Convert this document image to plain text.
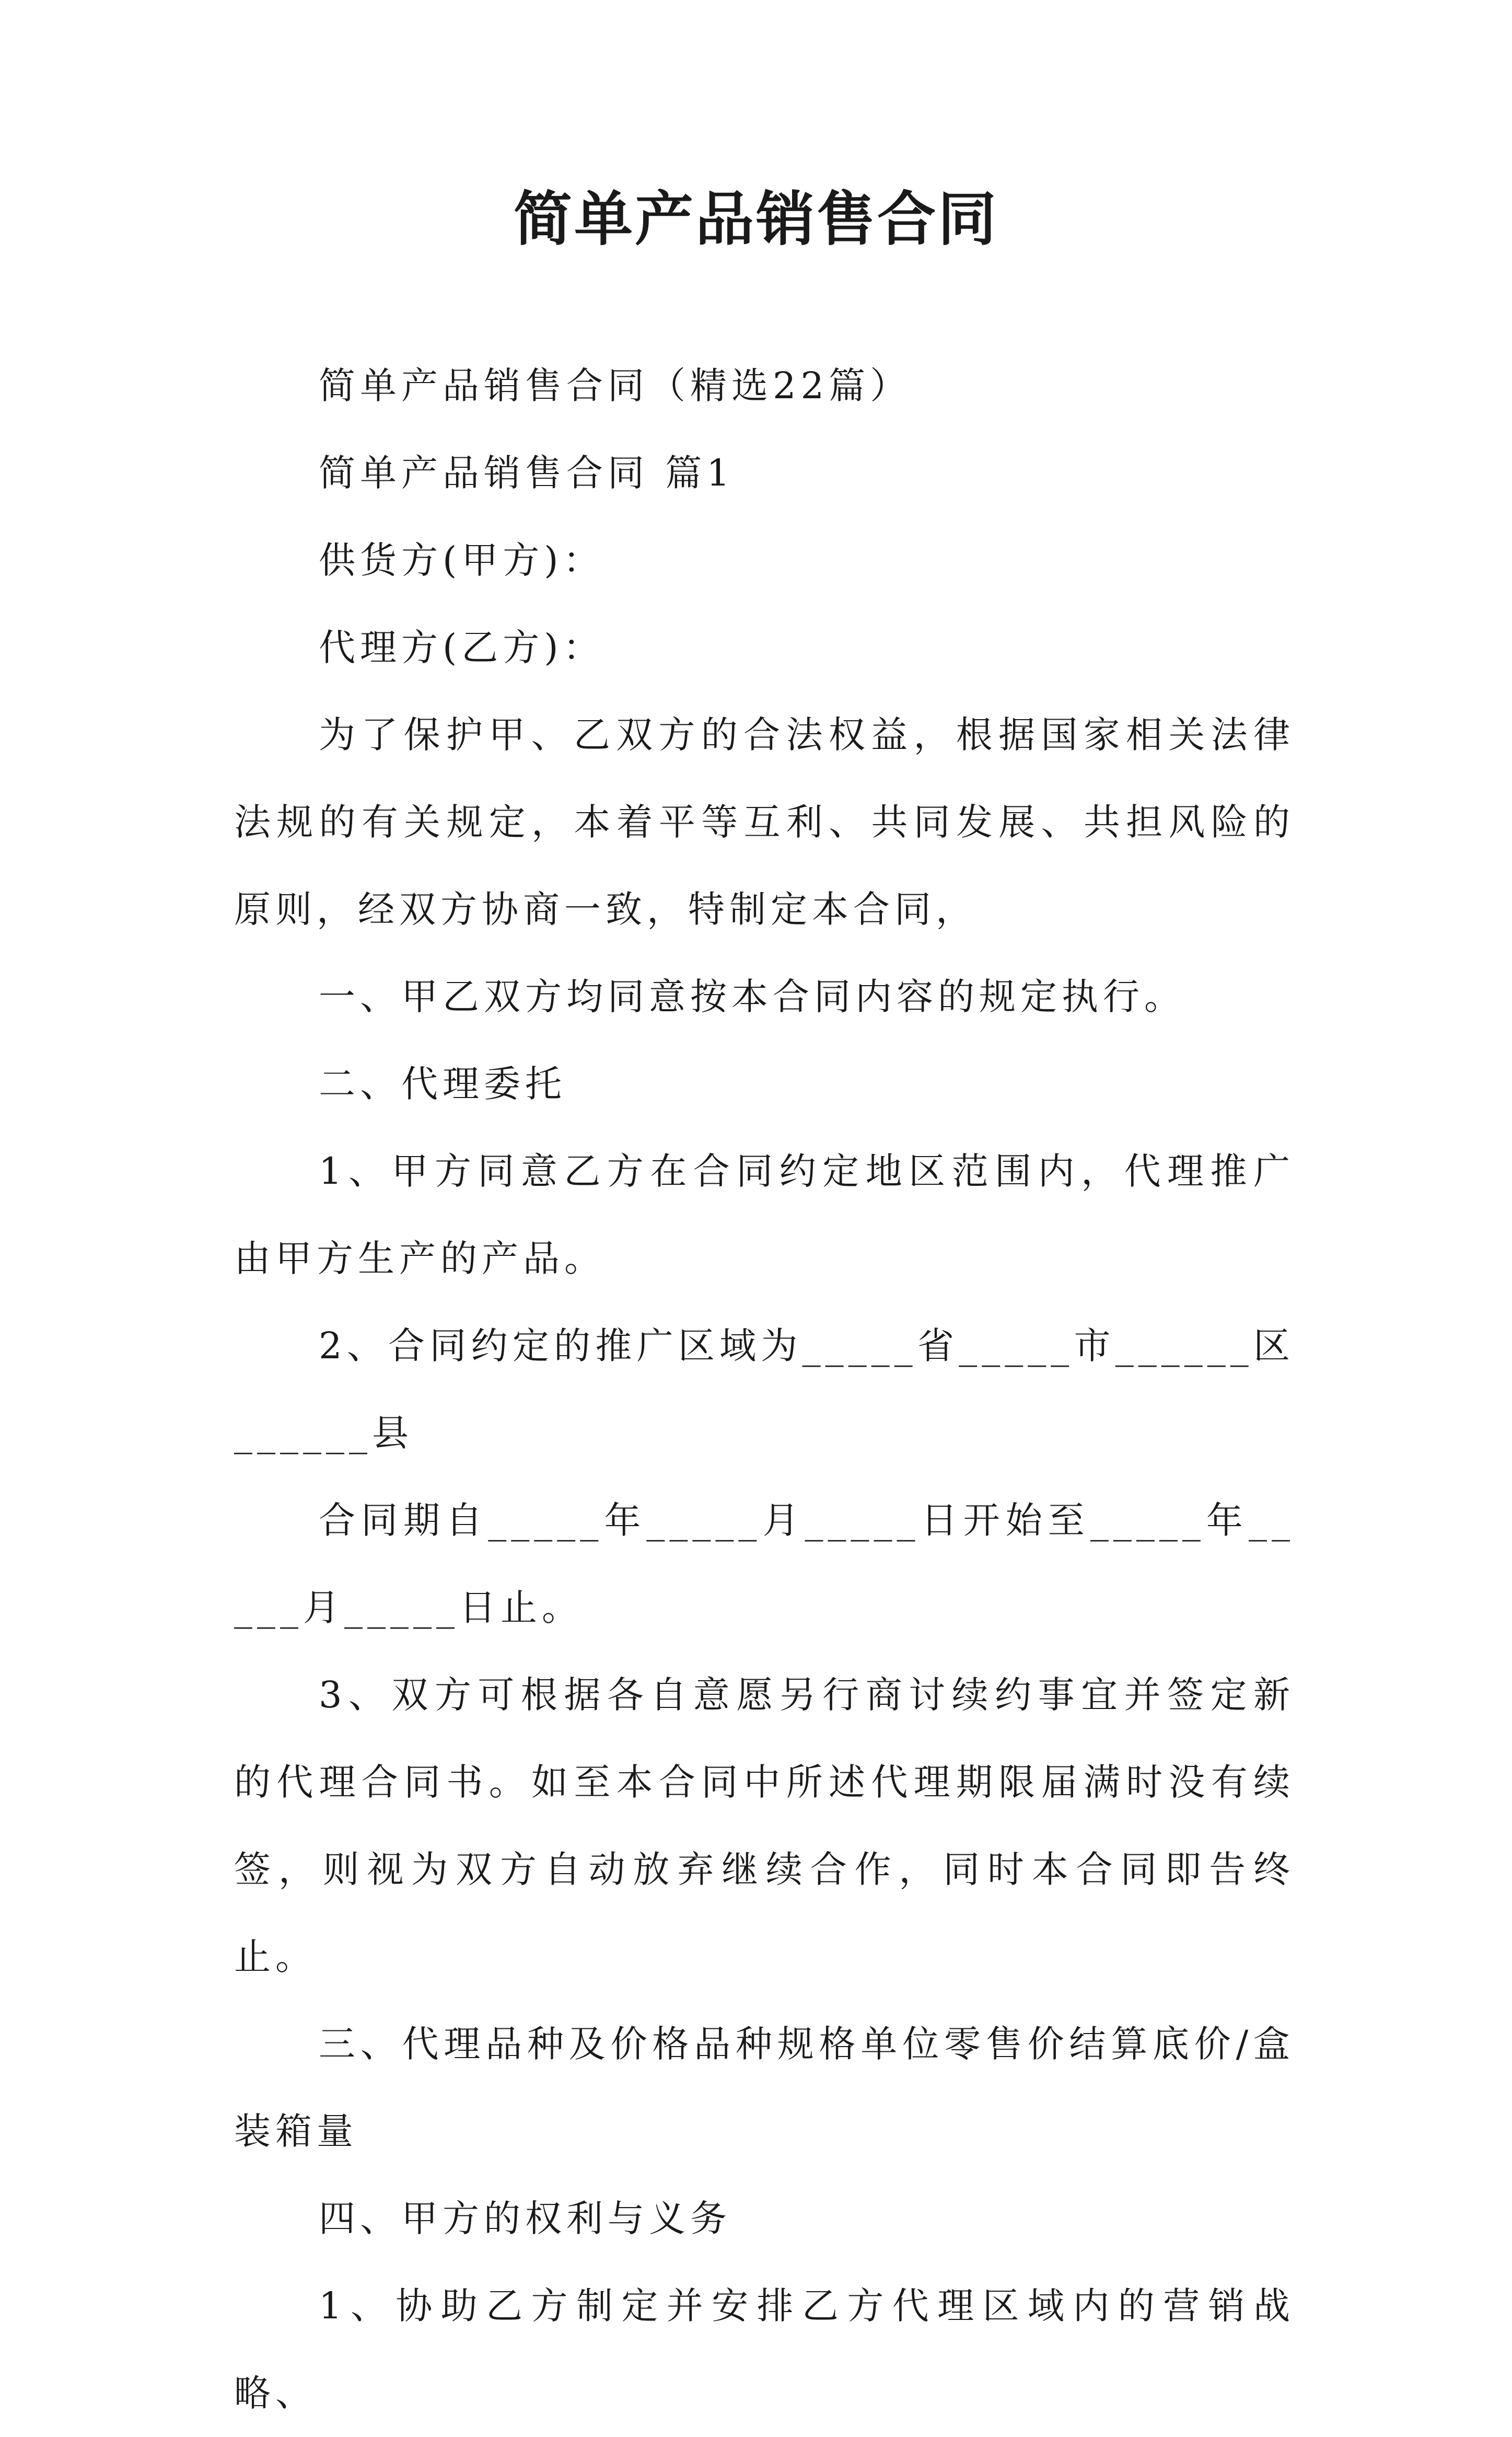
简单产品销售合同

简单产品销售合同（精选22篇）

简单产品销售合同 篇1

供货方(甲方)：

代理方(乙方)：

为了保护甲、乙双方的合法权益，根据国家相关法律法规的有关规定，本着平等互利、共同发展、共担风险的原则，经双方协商一致，特制定本合同，

一、甲乙双方均同意按本合同内容的规定执行。

二、代理委托

1、甲方同意乙方在合同约定地区范围内，代理推广由甲方生产的产品。

2、合同约定的推广区域为_____省_____市______区______县

合同期自_____年_____月_____日开始至_____年_____月_____日止。

3、双方可根据各自意愿另行商讨续约事宜并签定新的代理合同书。如至本合同中所述代理期限届满时没有续签，则视为双方自动放弃继续合作，同时本合同即告终止。

三、代理品种及价格品种规格单位零售价结算底价/盒装箱量

四、甲方的权利与义务

1、协助乙方制定并安排乙方代理区域内的营销战略、
